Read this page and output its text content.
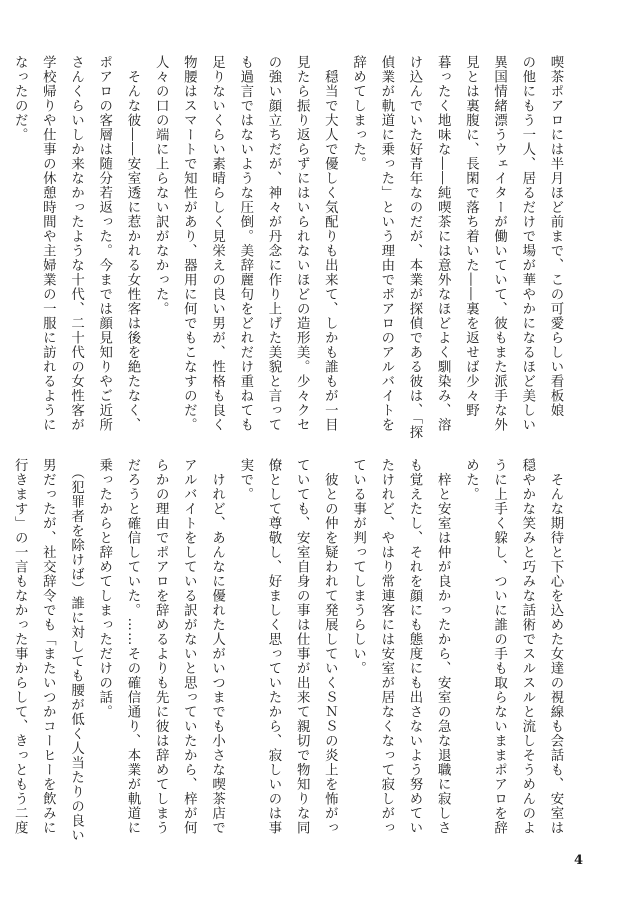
喫茶ポアロには半月ほど前まで、この可愛らしい看板娘
の他にもう一人、居るだけで場が華やかになるほど美しい
異国情緒漂うウェイターが働いていて、彼もまた派手な外
見とは裏腹に、長閑で落ち着いた――裏を返せば少々野
暮ったく地味な――純喫茶には意外なほどよく馴染み、溶
け込んでいた好青年なのだが、本業が探偵である彼は、「探
偵業が軌道に乗った」という理由でポアロのアルバイトを
辞めてしまった。
　穏当で大人で優しく気配りも出来て、しかも誰もが一目
見たら振り返らずにはいられないほどの造形美。少々クセ
の強い顔立ちだが、神々が丹念に作り上げた美貌と言って
も過言ではないような圧倒。美辞麗句をどれだけ重ねても
足りないくらい素晴らしく見栄えの良い男が、性格も良く
物腰はスマートで知性があり、器用に何でもこなすのだ。
人々の口の端に上らない訳がなかった。
　そんな彼――安室透に惹かれる女性客は後を絶たなく、
ポアロの客層は随分若返った。今までは顔見知りやご近所
さんくらいしか来なかったような十代、二十代の女性客が
学校帰りや仕事の休憩時間や主婦業の一服に訪れるように
なったのだ。
　そんな期待と下心を込めた女達の視線も会話も、安室は
穏やかな笑みと巧みな話術でスルスルと流しそうめんのよ
うに上手く躱し、ついに誰の手も取らないままポアロを辞
めた。
　梓と安室は仲が良かったから、安室の急な退職に寂しさ
も覚えたし、それを顔にも態度にも出さないよう努めてい
たけれど、やはり常連客には安室が居なくなって寂しがっ
ている事が判ってしまうらしい。
　彼との仲を疑われて発展していくＳＮＳの炎上を怖がっ
ていても、安室自身の事は仕事が出来て親切で物知りな同
僚として尊敬し、好ましく思っていたから、寂しいのは事
実で。
　けれど、あんなに優れた人がいつまでも小さな喫茶店で
アルバイトをしている訳がないと思っていたから、梓が何
らかの理由でポアロを辞めるよりも先に彼は辞めてしまう
だろうと確信していた。……その確信通り、本業が軌道に
乗ったからと辞めてしまっただけの話。
　（犯罪者を除けば）誰に対しても腰が低く人当たりの良い
男だったが、社交辞令でも「またいつかコーヒーを飲みに
行きます」の一言もなかった事からして、きっともう二度
4
